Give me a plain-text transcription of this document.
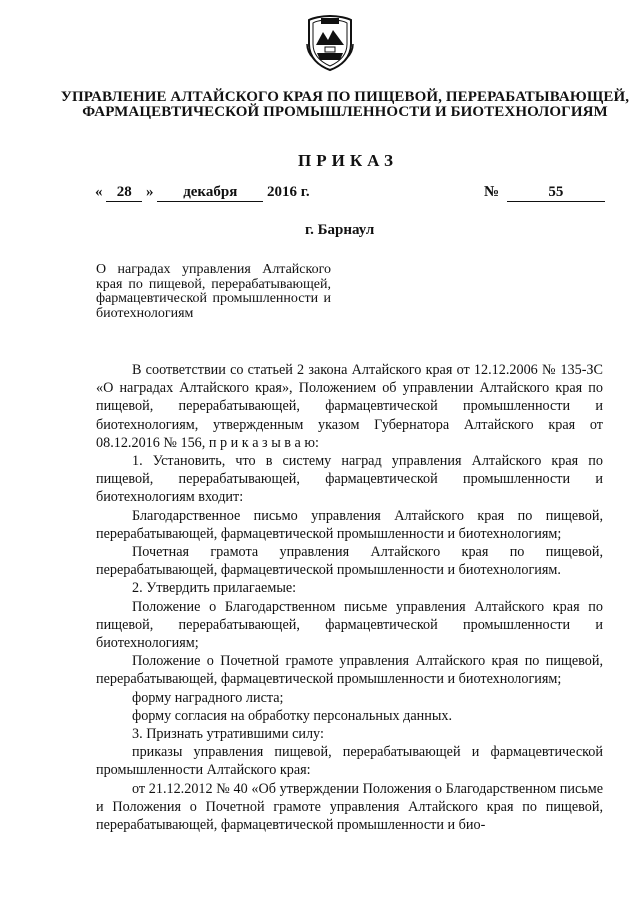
УПРАВЛЕНИЕ АЛТАЙСКОГО КРАЯ ПО ПИЩЕВОЙ, ПЕРЕРАБАТЫВАЮЩЕЙ,
ФАРМАЦЕВТИЧЕСКОЙ ПРОМЫШЛЕННОСТИ И БИОТЕХНОЛОГИЯМ
ПРИКАЗ
« 28 » декабря 2016 г.	№	55
г. Барнаул
О наградах управления Алтайского края по пищевой, перерабатывающей, фармацевтической промышленности и биотехнологиям

В соответствии со статьей 2 закона Алтайского края от 12.12.2006 № 135-ЗС «О наградах Алтайского края», Положением об управлении Алтайского края по пищевой, перерабатывающей, фармацевтической промышленности и биотехнологиям, утвержденным указом Губернатора Алтайского края от 08.12.2016 № 156, п р и к а з ы в а ю:

1. Установить, что в систему наград управления Алтайского края по пищевой, перерабатывающей, фармацевтической промышленности и биотехнологиям входит:

Благодарственное письмо управления Алтайского края по пищевой, перерабатывающей, фармацевтической промышленности и биотехнологиям;

Почетная грамота управления Алтайского края по пищевой, перерабатывающей, фармацевтической промышленности и биотехнологиям.

2. Утвердить прилагаемые:

Положение о Благодарственном письме управления Алтайского края по пищевой, перерабатывающей, фармацевтической промышленности и биотехнологиям;

Положение о Почетной грамоте управления Алтайского края по пищевой, перерабатывающей, фармацевтической промышленности и биотехнологиям;

форму наградного листа;

форму согласия на обработку персональных данных.

3. Признать утратившими силу:

приказы управления пищевой, перерабатывающей и фармацевтической промышленности Алтайского края:

от 21.12.2012 № 40 «Об утверждении Положения о Благодарственном письме и Положения о Почетной грамоте управления Алтайского края по пищевой, перерабатывающей, фармацевтической промышленности и био-
